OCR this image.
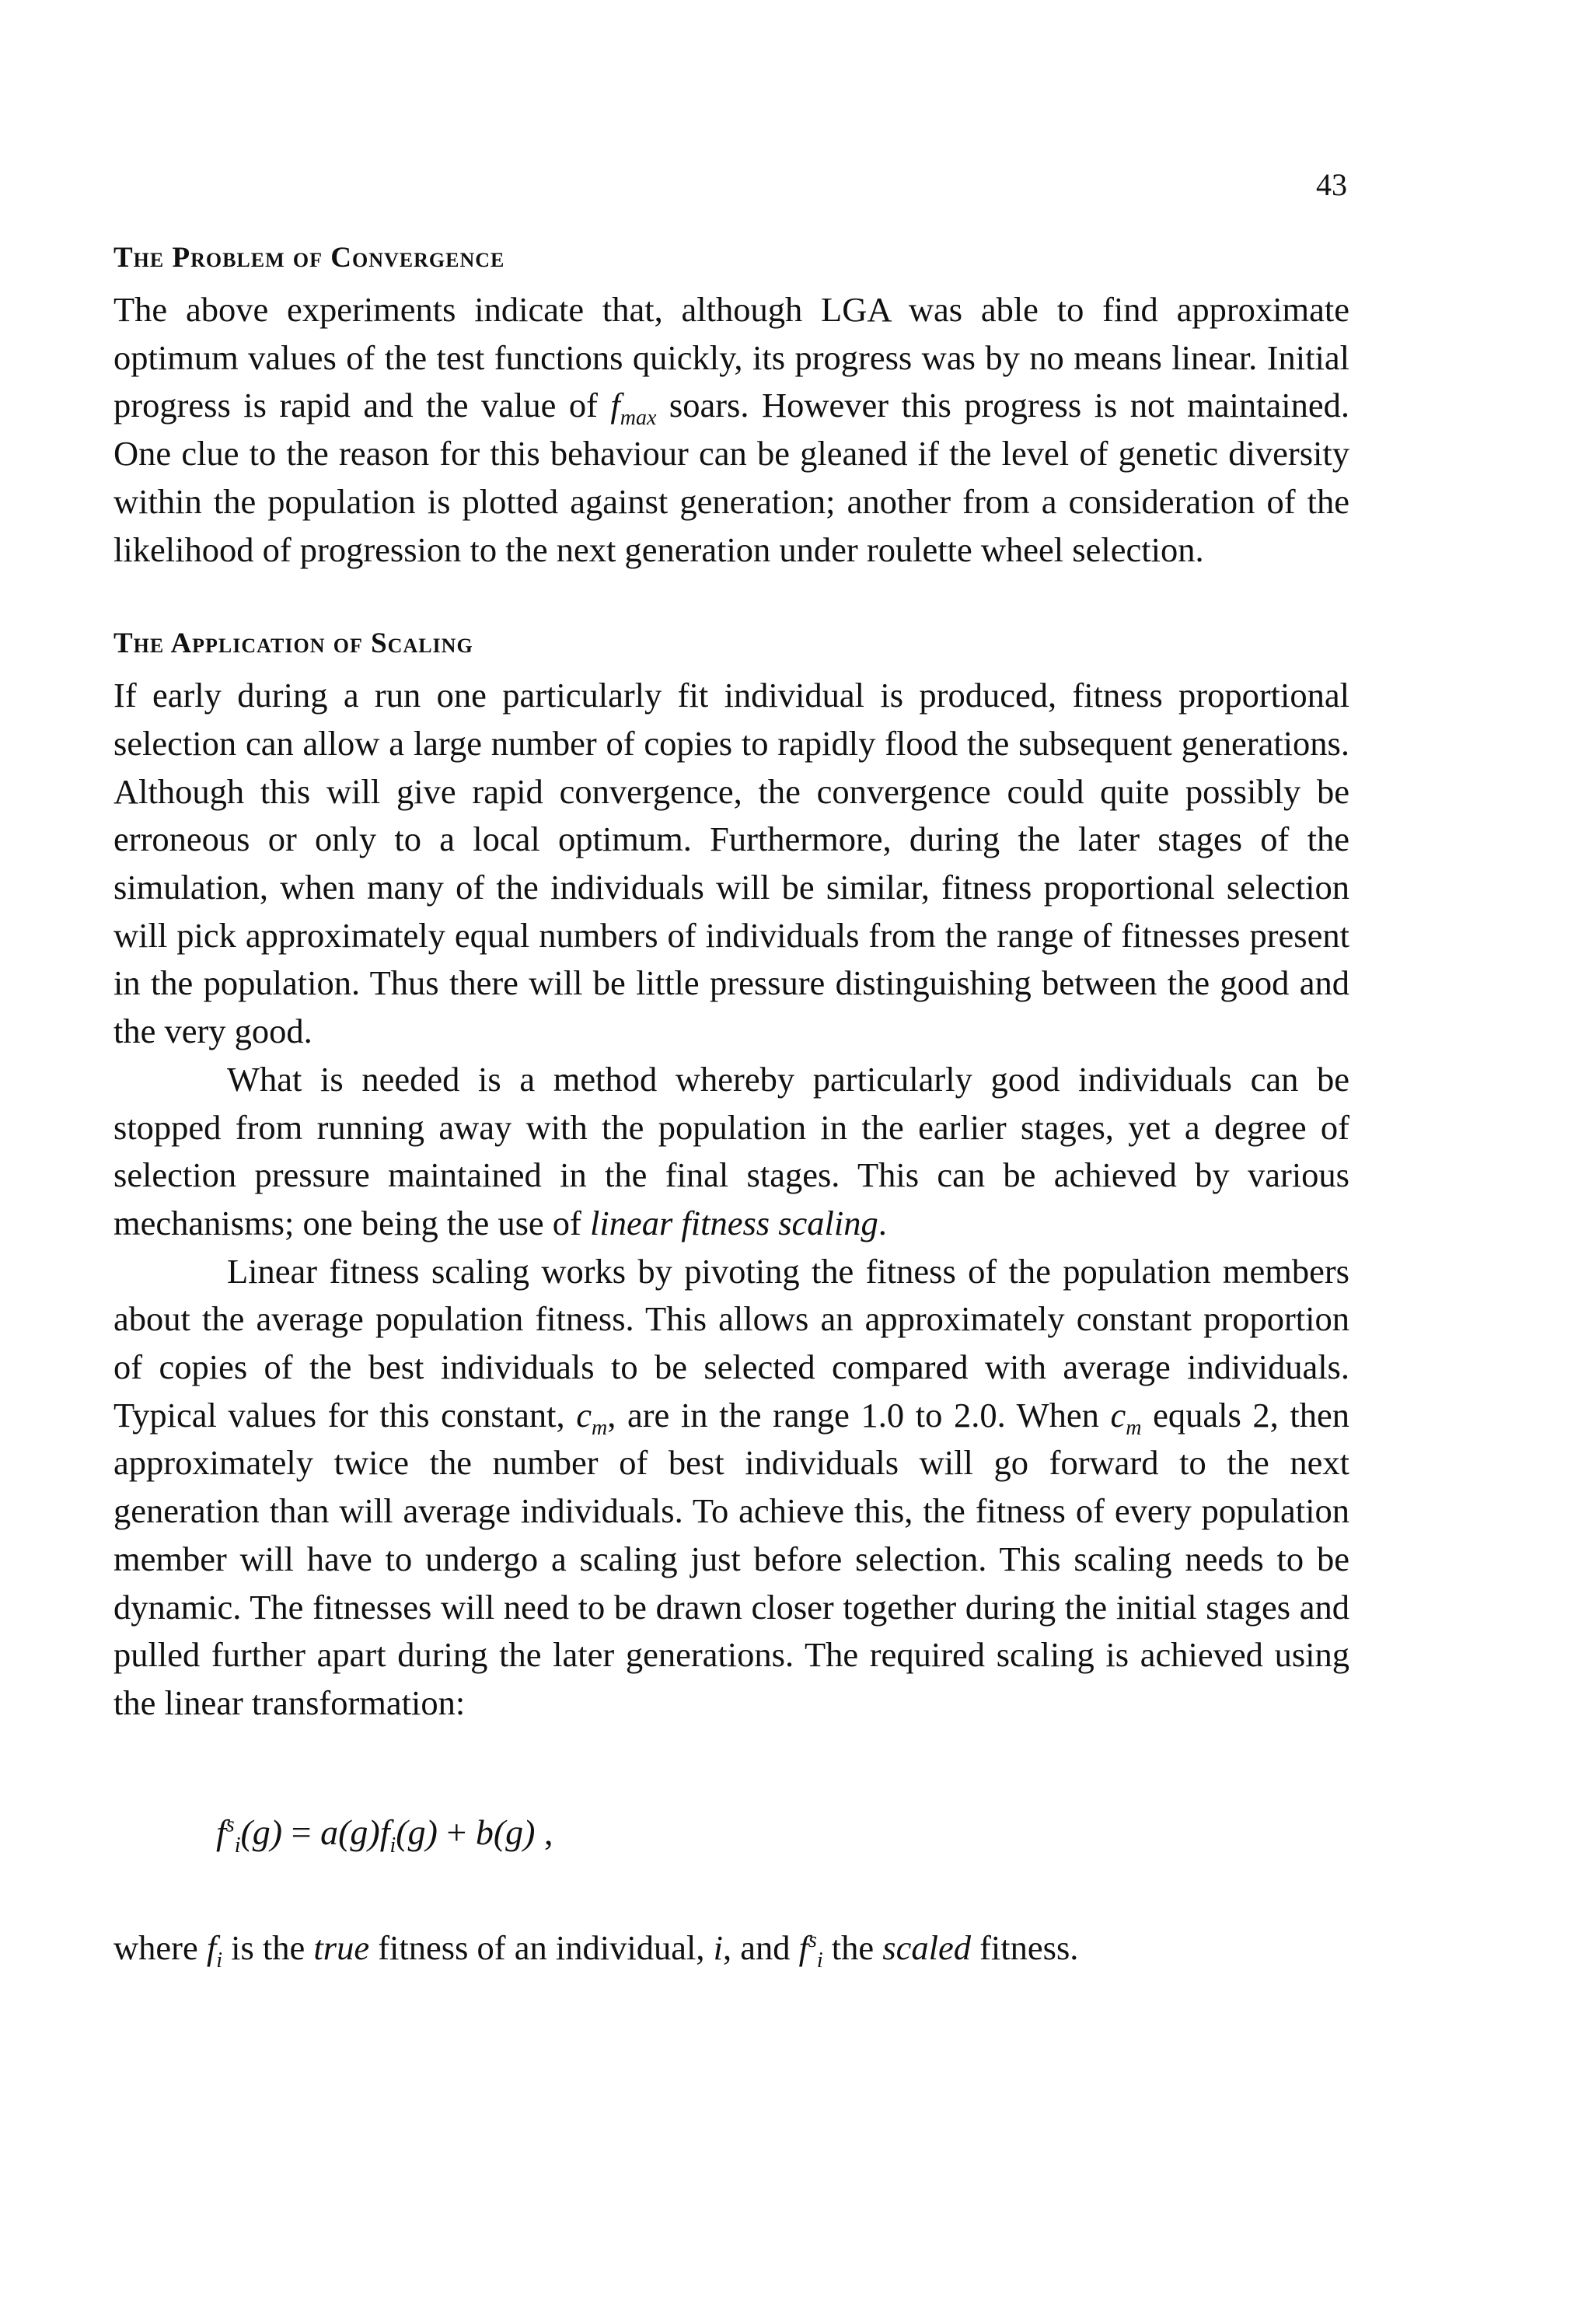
43
The Problem of Convergence

The above experiments indicate that, although LGA was able to find approximate optimum values of the test functions quickly, its progress was by no means linear. Initial progress is rapid and the value of $f_{max}$ soars. However this progress is not maintained. One clue to the reason for this behaviour can be gleaned if the level of genetic diversity within the population is plotted against generation; another from a consideration of the likelihood of progression to the next generation under roulette wheel selection.

The Application of Scaling

If early during a run one particularly fit individual is produced, fitness proportional selection can allow a large number of copies to rapidly flood the subsequent generations. Although this will give rapid convergence, the convergence could quite possibly be erroneous or only to a local optimum. Furthermore, during the later stages of the simulation, when many of the individuals will be similar, fitness proportional selection will pick approximately equal numbers of individuals from the range of fitnesses present in the population. Thus there will be little pressure distinguishing between the good and the very good.

What is needed is a method whereby particularly good individuals can be stopped from running away with the population in the earlier stages, yet a degree of selection pressure maintained in the final stages. This can be achieved by various mechanisms; one being the use of linear fitness scaling.

Linear fitness scaling works by pivoting the fitness of the population members about the average population fitness. This allows an approximately constant proportion of copies of the best individuals to be selected compared with average individuals. Typical values for this constant, $c_m$, are in the range 1.0 to 2.0. When $c_m$ equals 2, then approximately twice the number of best individuals will go forward to the next generation than will average individuals. To achieve this, the fitness of every population member will have to undergo a scaling just before selection. This scaling needs to be dynamic. The fitnesses will need to be drawn closer together during the initial stages and pulled further apart during the later generations. The required scaling is achieved using the linear transformation:

$f^s_i(g) = a(g)f_i(g) + b(g)$ ,
where $f_i$ is the true fitness of an individual, i, and $f^s_i$ the scaled fitness.
